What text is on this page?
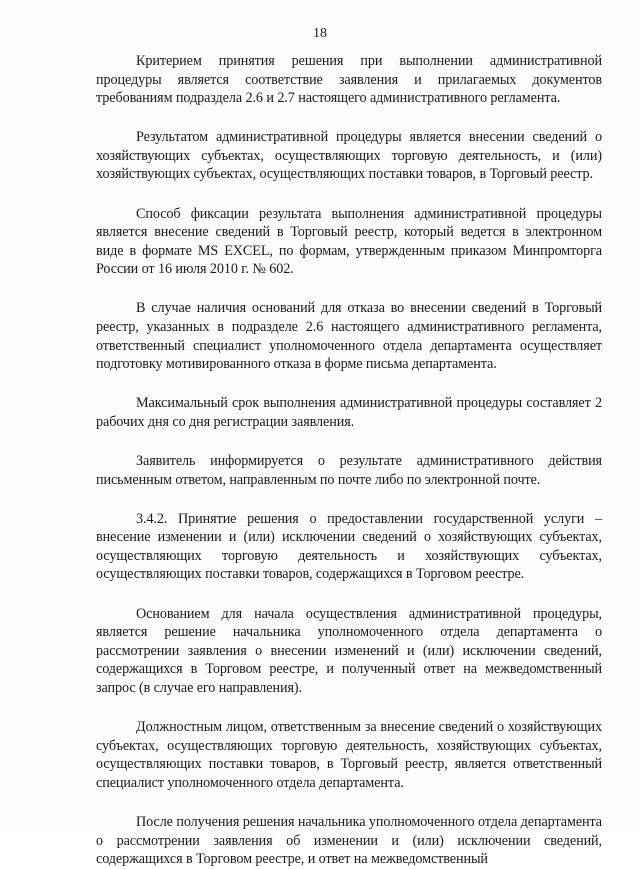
18

Критерием принятия решения при выполнении административной процедуры является соответствие заявления и прилагаемых документов требованиям подраздела 2.6 и 2.7 настоящего административного регламента.

Результатом административной процедуры является внесении сведений о хозяйствующих субъектах, осуществляющих торговую деятельность, и (или) хозяйствующих субъектах, осуществляющих поставки товаров, в Торговый реестр.

Способ фиксации результата выполнения административной процедуры является внесение сведений в Торговый реестр, который ведется в электронном виде в формате MS EXCEL, по формам, утвержденным приказом Минпромторга России от 16 июля 2010 г. № 602.

В случае наличия оснований для отказа во внесении сведений в Торговый реестр, указанных в подразделе 2.6 настоящего административного регламента, ответственный специалист уполномоченного отдела департамента осуществляет подготовку мотивированного отказа в форме письма департамента.

Максимальный срок выполнения административной процедуры составляет 2 рабочих дня со дня регистрации заявления.

Заявитель информируется о результате административного действия письменным ответом, направленным по почте либо по электронной почте.

3.4.2. Принятие решения о предоставлении государственной услуги – внесение изменении и (или) исключении сведений о хозяйствующих субъектах, осуществляющих торговую деятельность и хозяйствующих субъектах, осуществляющих поставки товаров, содержащихся в Торговом реестре.

Основанием для начала осуществления административной процедуры, является решение начальника уполномоченного отдела департамента о рассмотрении заявления о внесении изменений и (или) исключении сведений, содержащихся в Торговом реестре, и полученный ответ на межведомственный запрос (в случае его направления).

Должностным лицом, ответственным за внесение сведений о хозяйствующих субъектах, осуществляющих торговую деятельность, хозяйствующих субъектах, осуществляющих поставки товаров, в Торговый реестр, является ответственный специалист уполномоченного отдела департамента.

После получения решения начальника уполномоченного отдела департамента о рассмотрении заявления об изменении и (или) исключении сведений, содержащихся в Торговом реестре, и ответ на межведомственный
